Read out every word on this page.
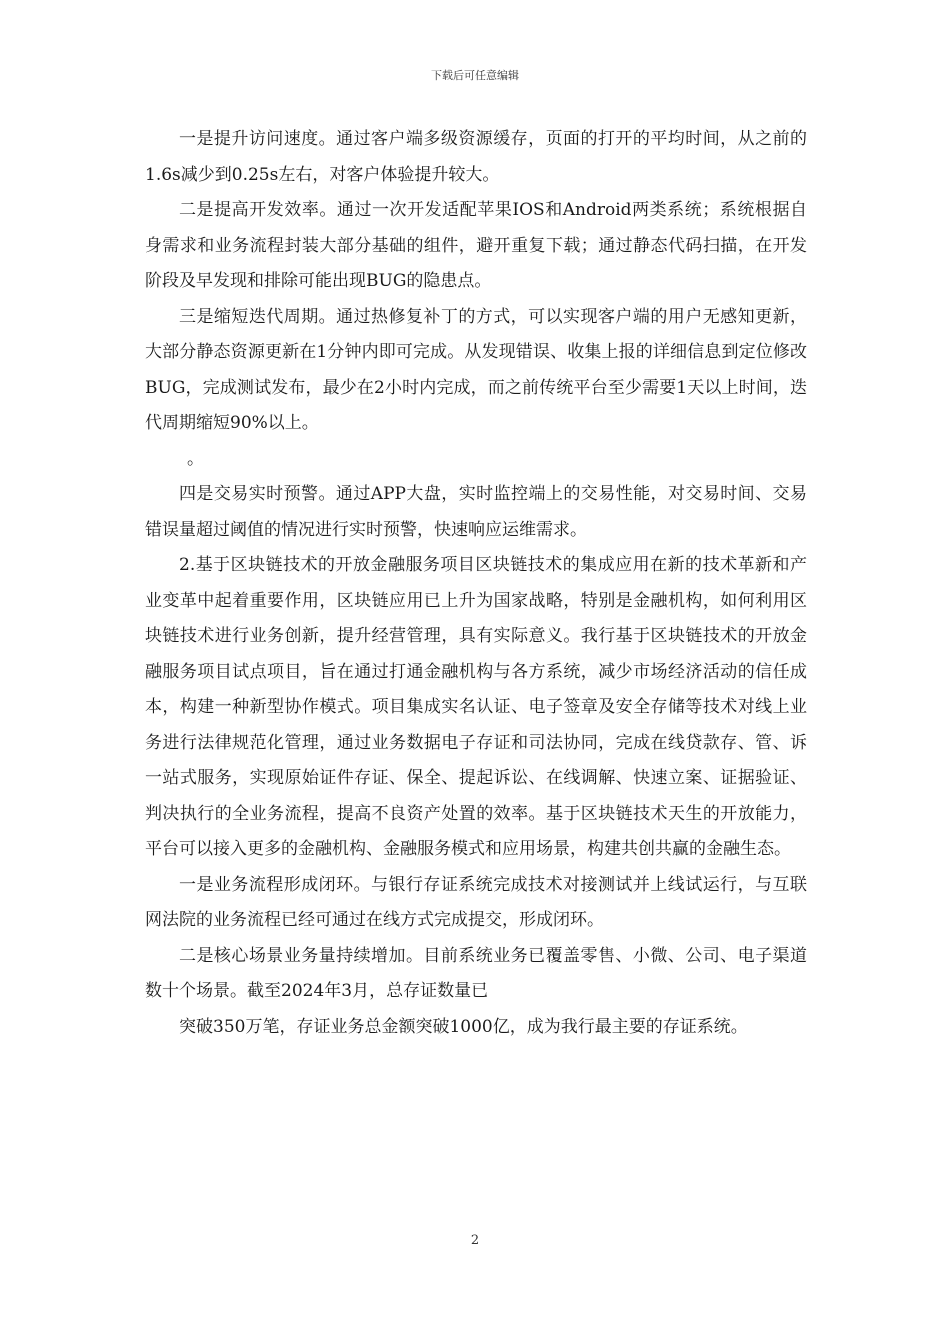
下载后可任意编辑

一是提升访问速度。通过客户端多级资源缓存，页面的打开的平均时间，从之前的1.6s减少到0.25s左右，对客户体验提升较大。

二是提高开发效率。通过一次开发适配苹果IOS和Android两类系统；系统根据自身需求和业务流程封装大部分基础的组件，避开重复下载；通过静态代码扫描，在开发阶段及早发现和排除可能出现BUG的隐患点。

三是缩短迭代周期。通过热修复补丁的方式，可以实现客户端的用户无感知更新，大部分静态资源更新在1分钟内即可完成。从发现错误、收集上报的详细信息到定位修改BUG，完成测试发布，最少在2小时内完成，而之前传统平台至少需要1天以上时间，迭代周期缩短90%以上。

。

四是交易实时预警。通过APP大盘，实时监控端上的交易性能，对交易时间、交易错误量超过阈值的情况进行实时预警，快速响应运维需求。

2.基于区块链技术的开放金融服务项目区块链技术的集成应用在新的技术革新和产业变革中起着重要作用，区块链应用已上升为国家战略，特别是金融机构，如何利用区块链技术进行业务创新，提升经营管理，具有实际意义。我行基于区块链技术的开放金融服务项目试点项目，旨在通过打通金融机构与各方系统，减少市场经济活动的信任成本，构建一种新型协作模式。项目集成实名认证、电子签章及安全存储等技术对线上业务进行法律规范化管理，通过业务数据电子存证和司法协同，完成在线贷款存、管、诉一站式服务，实现原始证件存证、保全、提起诉讼、在线调解、快速立案、证据验证、判决执行的全业务流程，提高不良资产处置的效率。基于区块链技术天生的开放能力，平台可以接入更多的金融机构、金融服务模式和应用场景，构建共创共赢的金融生态。

一是业务流程形成闭环。与银行存证系统完成技术对接测试并上线试运行，与互联网法院的业务流程已经可通过在线方式完成提交，形成闭环。

二是核心场景业务量持续增加。目前系统业务已覆盖零售、小微、公司、电子渠道数十个场景。截至2024年3月，总存证数量已

突破350万笔，存证业务总金额突破1000亿，成为我行最主要的存证系统。

2
